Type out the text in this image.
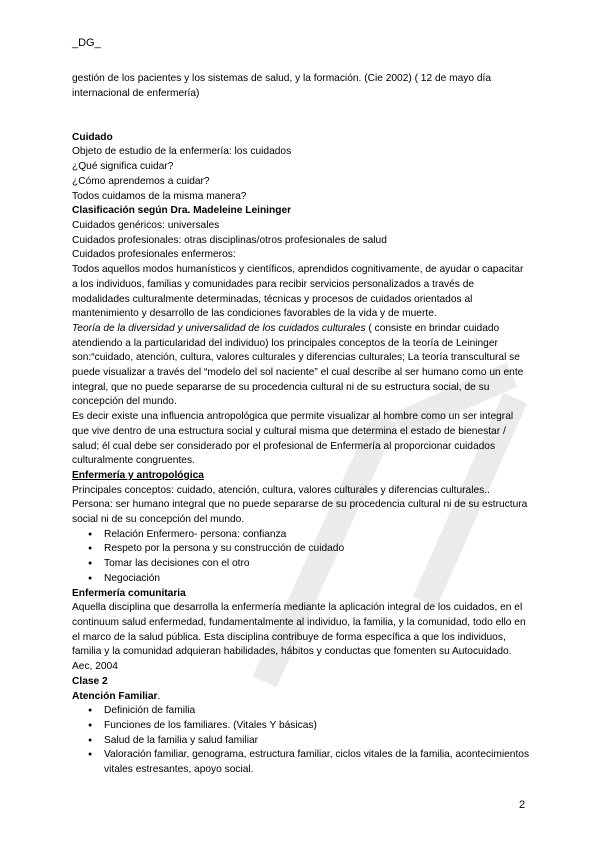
_DG_

gestión de los pacientes y los sistemas de salud, y la formación. (Cie 2002) ( 12 de mayo día internacional de enfermería)

Cuidado

Objeto de estudio de la enfermería: los cuidados

¿Qué significa cuidar?

¿Cómo aprendemos a cuidar?

Todos cuidamos de la misma manera?

Clasificación según Dra. Madeleine Leininger

Cuidados genéricos: universales

Cuidados profesionales: otras disciplinas/otros profesionales de salud

Cuidados profesionales enfermeros:

Todos aquellos modos humanísticos y científicos, aprendidos cognitivamente, de ayudar o capacitar a los individuos, familias y comunidades para recibir servicios personalizados a través de modalidades culturalmente determinadas, técnicas y procesos de cuidados orientados al mantenimiento y desarrollo de las condiciones favorables de la vida y de muerte.

Teoría de la diversidad y universalidad de los cuidados culturales ( consiste en brindar cuidado atendiendo a la particularidad del individuo) los principales conceptos de la teoría de Leininger son:“cuidado, atención, cultura, valores culturales y diferencias culturales; La teoría transcultural se puede visualizar a través del “modelo del sol naciente” el cual describe al ser humano como un ente integral, que no puede separarse de su procedencia cultural ni de su estructura social, de su concepción del mundo.

Es decir existe una influencia antropológica que permite visualizar al hombre como un ser integral que vive dentro de una estructura social y cultural misma que determina el estado de bienestar / salud; él cual debe ser considerado por el profesional de Enfermería al proporcionar cuidados culturalmente congruentes.

Enfermería y antropológica

Principales conceptos: cuidado, atención, cultura, valores culturales y diferencias culturales..

Persona: ser humano integral que no puede separarse de su procedencia cultural ni de su estructura social ni de su concepción del mundo.

● Relación Enfermero- persona: confianza
● Respeto por la persona y su construcción de cuidado
● Tomar las decisiones con el otro
● Negociación

Enfermería comunitaria

Aquella disciplina que desarrolla la enfermería mediante la aplicación integral de los cuidados, en el continuum salud enfermedad, fundamentalmente al individuo, la familia, y la comunidad, todo ello en el marco de la salud pública. Esta disciplina contribuye de forma específica a que los individuos, familia y la comunidad adquieran habilidades, hábitos y conductas que fomenten su Autocuidado. Aec, 2004

Clase 2

Atención Familiar.

● Definición de familia
● Funciones de los familiares. (Vitales Y básicas)
● Salud de la familia y salud familiar
● Valoración familiar, genograma, estructura familiar, ciclos vitales de la familia, acontecimientos vitales estresantes, apoyo social.
2
